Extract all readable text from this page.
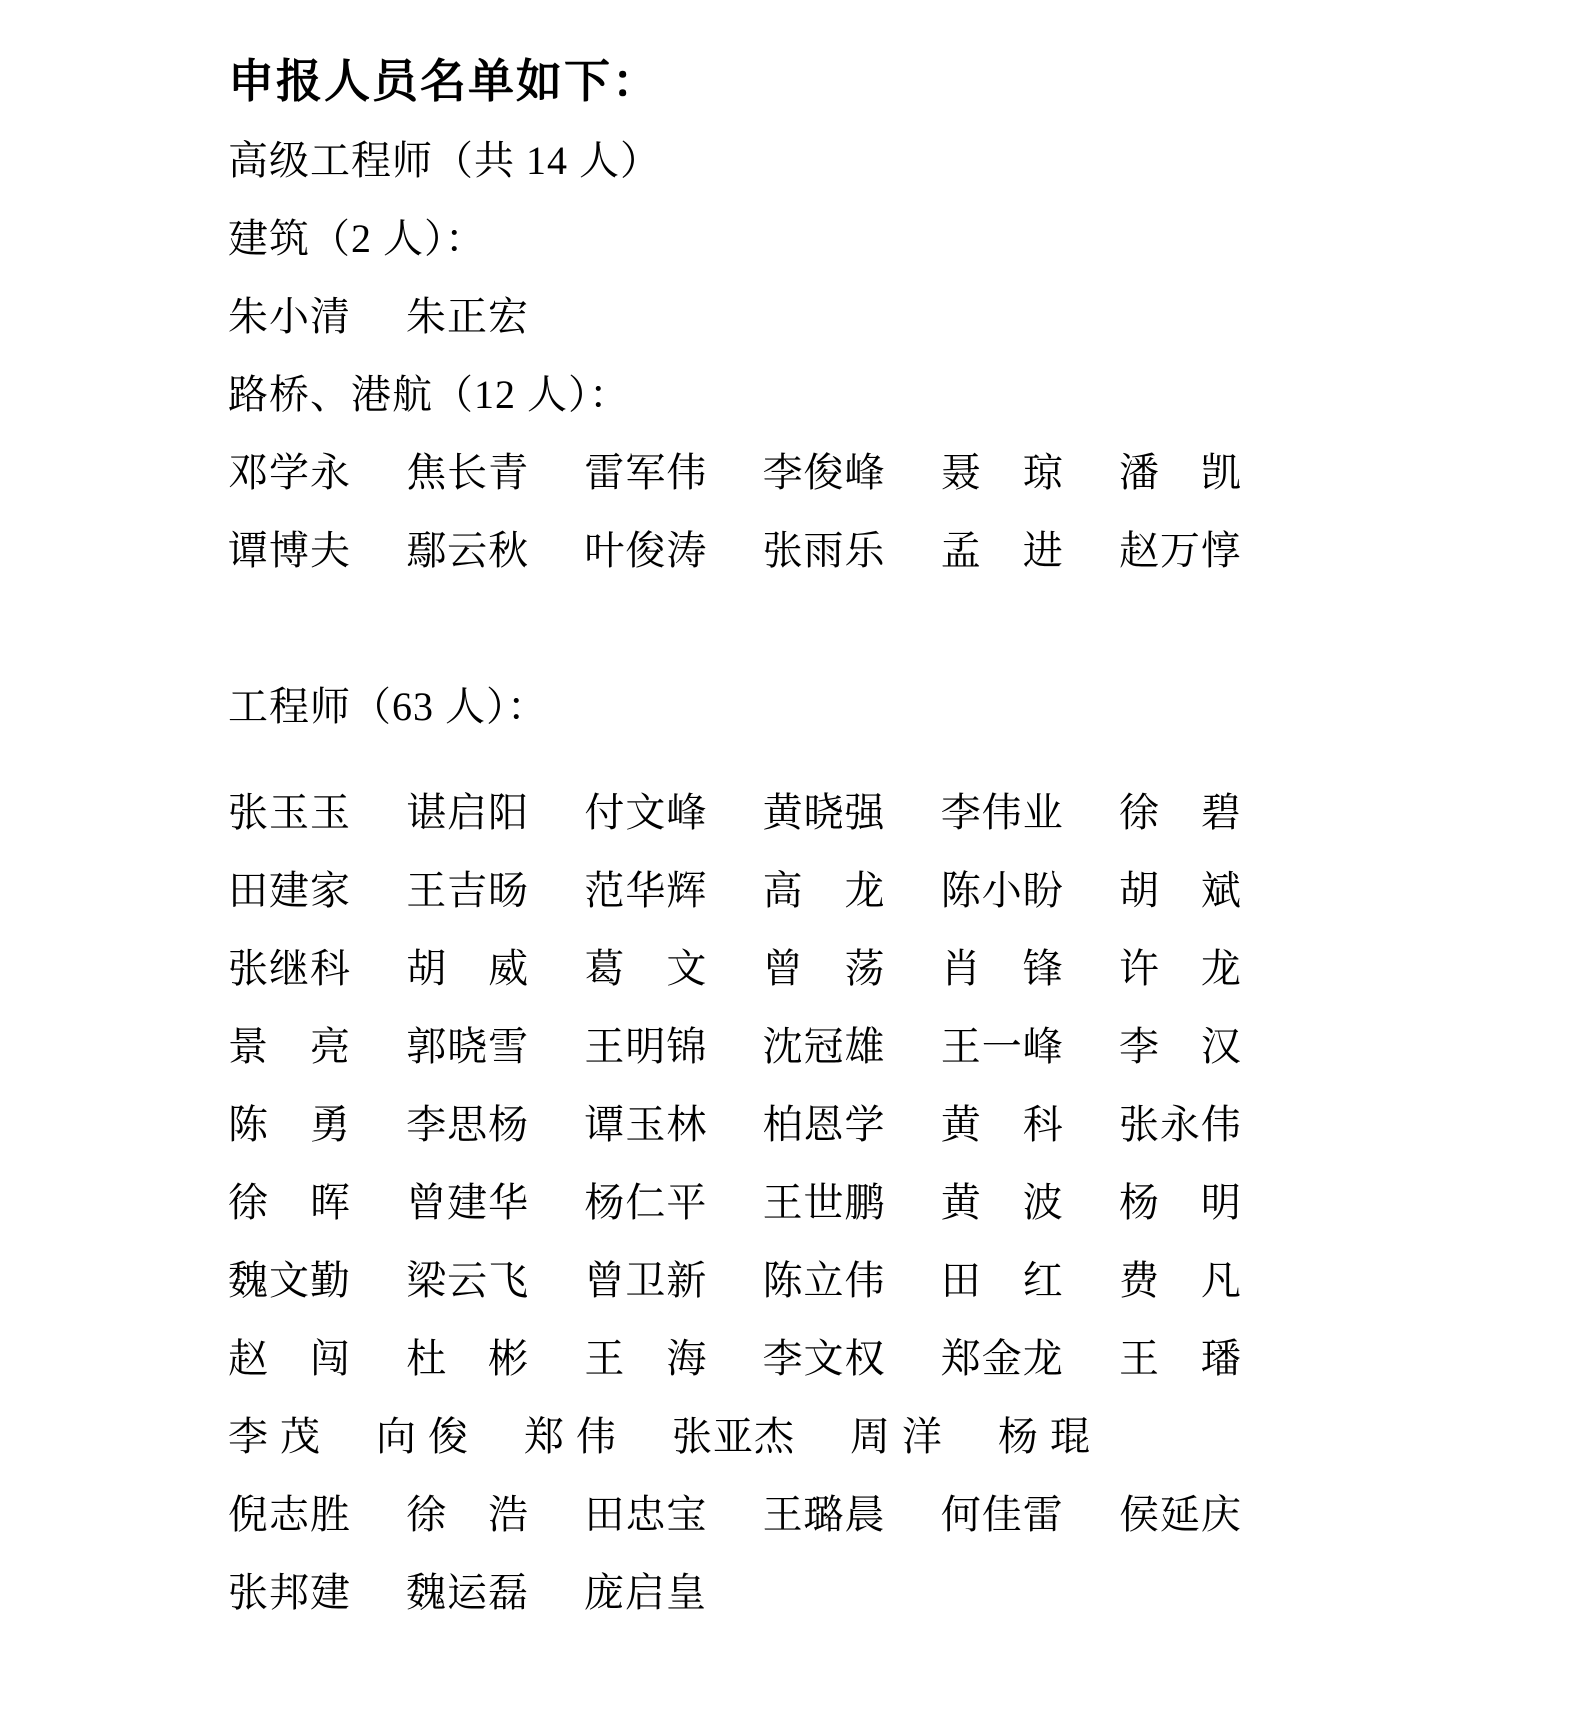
申报人员名单如下：
高级工程师（共 14 人）
建筑（2 人）：
朱小清 朱正宏
路桥、港航（12 人）：
邓学永 焦长青 雷军伟 李俊峰 聂　琼 潘　凯
谭博夫 鄢云秋 叶俊涛 张雨乐 孟　进 赵万惇
工程师（63 人）：
张玉玉 谌启阳 付文峰 黄晓强 李伟业 徐　碧
田建家 王吉旸 范华辉 高　龙 陈小盼 胡　斌
张继科 胡　威 葛　文 曾　荡 肖　锋 许　龙
景　亮 郭晓雪 王明锦 沈冠雄 王一峰 李　汉
陈　勇 李思杨 谭玉林 柏恩学 黄　科 张永伟
徐　晖 曾建华 杨仁平 王世鹏 黄　波 杨　明
魏文勤 梁云飞 曾卫新 陈立伟 田　红 费　凡
赵　闯 杜　彬 王　海 李文权 郑金龙 王　璠
李 茂 向 俊 郑 伟 张亚杰 周 洋 杨 琨
倪志胜 徐　浩 田忠宝 王璐晨 何佳雷 侯延庆
张邦建 魏运磊 庞启皇
